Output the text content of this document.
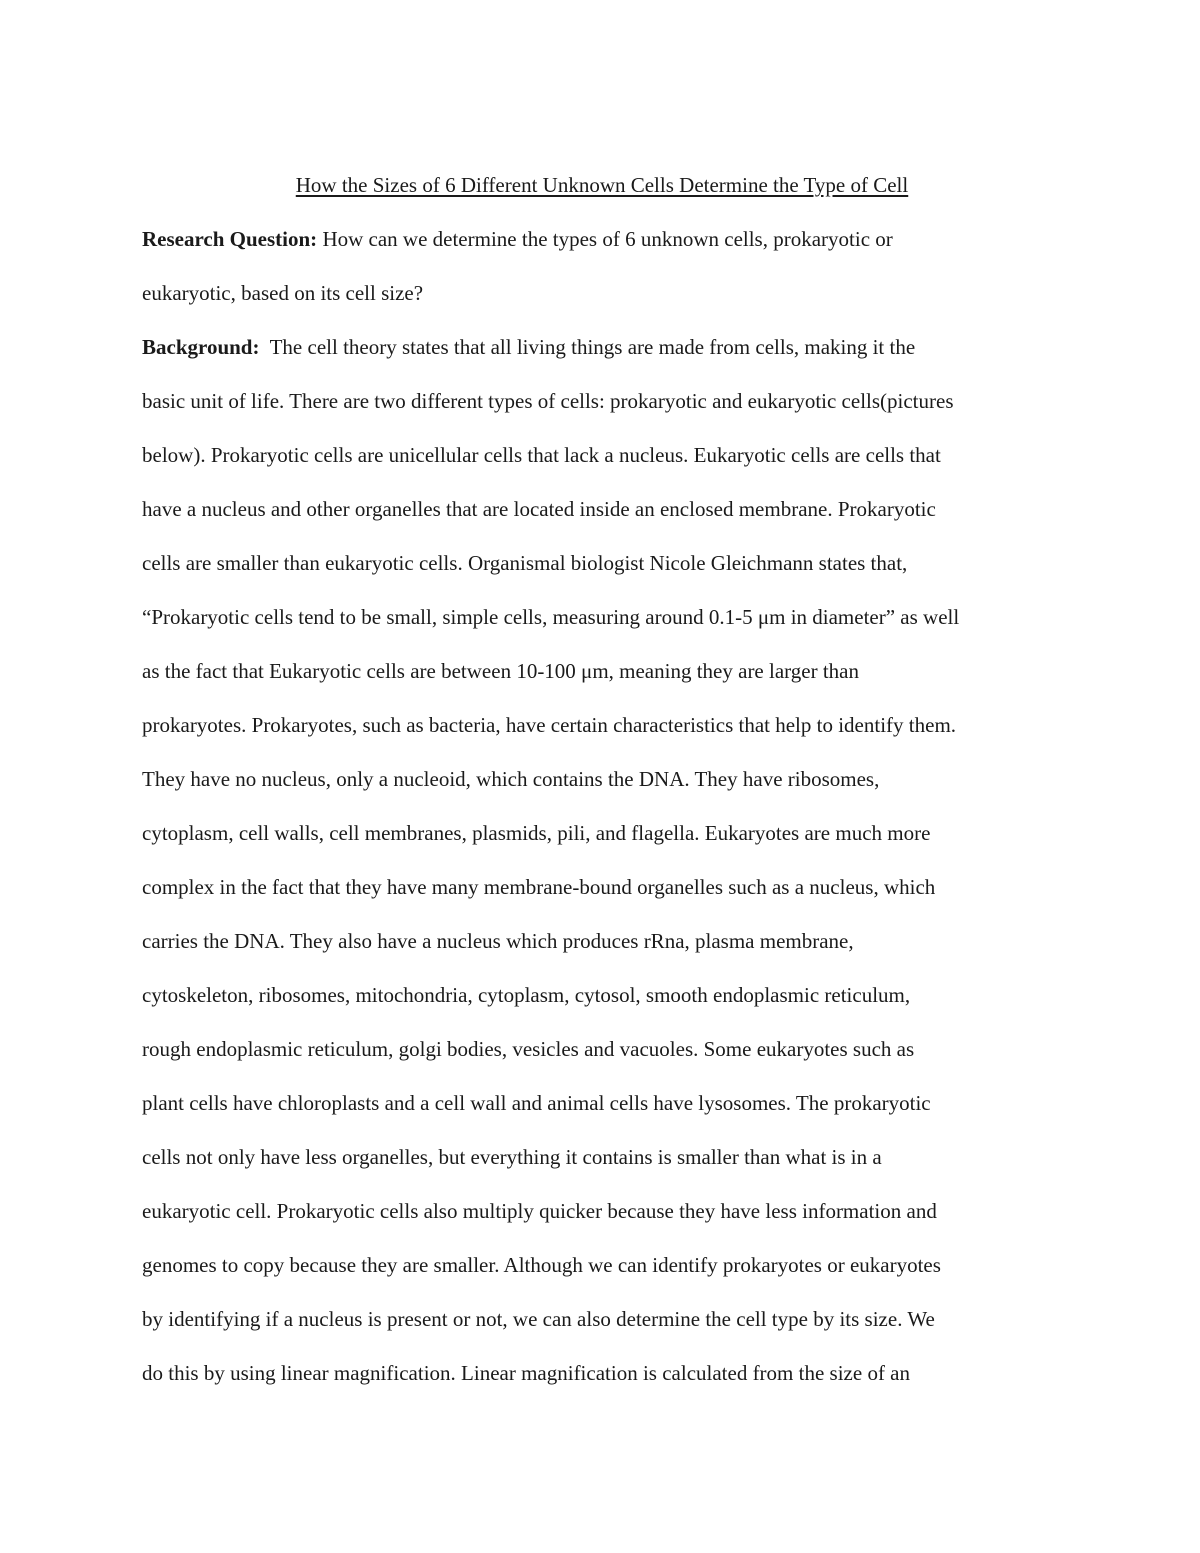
How the Sizes of 6 Different Unknown Cells Determine the Type of Cell
Research Question: How can we determine the types of 6 unknown cells, prokaryotic or
eukaryotic, based on its cell size?
Background: The cell theory states that all living things are made from cells, making it the
basic unit of life. There are two different types of cells: prokaryotic and eukaryotic cells(pictures
below). Prokaryotic cells are unicellular cells that lack a nucleus. Eukaryotic cells are cells that
have a nucleus and other organelles that are located inside an enclosed membrane. Prokaryotic
cells are smaller than eukaryotic cells. Organismal biologist Nicole Gleichmann states that,
“Prokaryotic cells tend to be small, simple cells, measuring around 0.1-5 μm in diameter” as well
as the fact that Eukaryotic cells are between 10-100 μm, meaning they are larger than
prokaryotes. Prokaryotes, such as bacteria, have certain characteristics that help to identify them.
They have no nucleus, only a nucleoid, which contains the DNA. They have ribosomes,
cytoplasm, cell walls, cell membranes, plasmids, pili, and flagella. Eukaryotes are much more
complex in the fact that they have many membrane-bound organelles such as a nucleus, which
carries the DNA. They also have a nucleus which produces rRna, plasma membrane,
cytoskeleton, ribosomes, mitochondria, cytoplasm, cytosol, smooth endoplasmic reticulum,
rough endoplasmic reticulum, golgi bodies, vesicles and vacuoles. Some eukaryotes such as
plant cells have chloroplasts and a cell wall and animal cells have lysosomes. The prokaryotic
cells not only have less organelles, but everything it contains is smaller than what is in a
eukaryotic cell. Prokaryotic cells also multiply quicker because they have less information and
genomes to copy because they are smaller. Although we can identify prokaryotes or eukaryotes
by identifying if a nucleus is present or not, we can also determine the cell type by its size. We
do this by using linear magnification. Linear magnification is calculated from the size of an
